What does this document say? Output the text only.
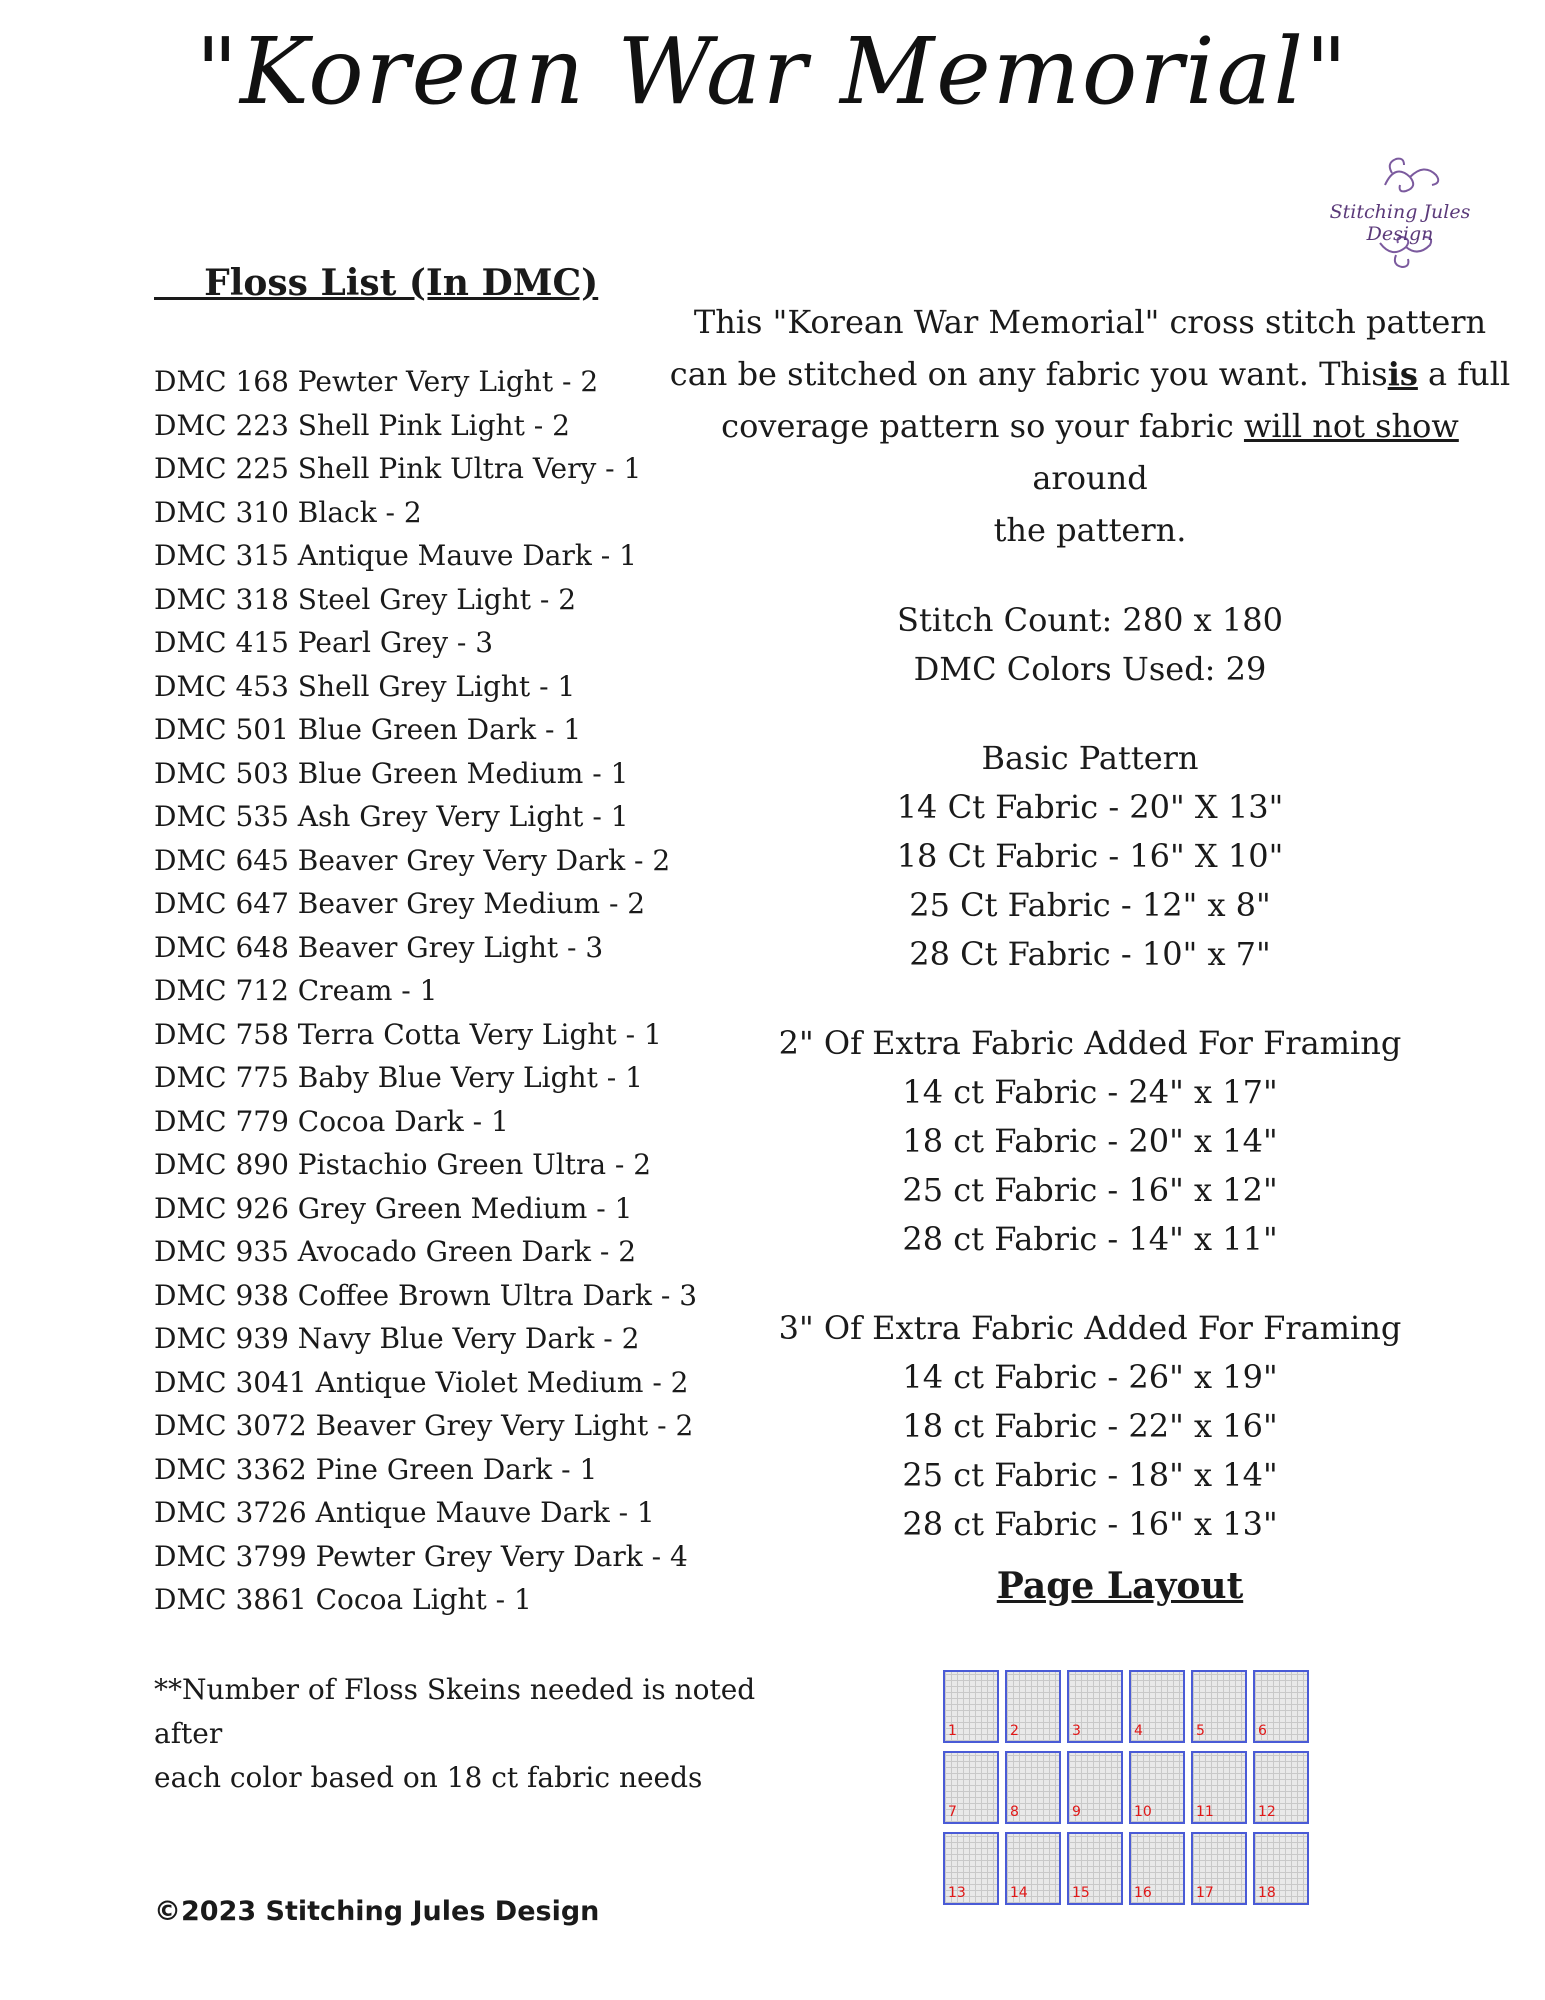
"Korean War Memorial"
Stitching Jules Design
Floss List (In DMC)
DMC 168 Pewter Very Light - 2
DMC 223 Shell Pink Light - 2
DMC 225 Shell Pink Ultra Very - 1
DMC 310 Black - 2
DMC 315 Antique Mauve Dark - 1
DMC 318 Steel Grey Light - 2
DMC 415 Pearl Grey - 3
DMC 453 Shell Grey Light - 1
DMC 501 Blue Green Dark - 1
DMC 503 Blue Green Medium - 1
DMC 535 Ash Grey Very Light - 1
DMC 645 Beaver Grey Very Dark - 2
DMC 647 Beaver Grey Medium - 2
DMC 648 Beaver Grey Light - 3
DMC 712 Cream - 1
DMC 758 Terra Cotta Very Light - 1
DMC 775 Baby Blue Very Light - 1
DMC 779 Cocoa Dark - 1
DMC 890 Pistachio Green Ultra - 2
DMC 926 Grey Green Medium - 1
DMC 935 Avocado Green Dark - 2
DMC 938 Coffee Brown Ultra Dark - 3
DMC 939 Navy Blue Very Dark - 2
DMC 3041 Antique Violet Medium - 2
DMC 3072 Beaver Grey Very Light - 2
DMC 3362 Pine Green Dark - 1
DMC 3726 Antique Mauve Dark - 1
DMC 3799 Pewter Grey Very Dark - 4
DMC 3861 Cocoa Light - 1
**Number of Floss Skeins needed is noted after
each color based on 18 ct fabric needs
©2023 Stitching Jules Design
This "Korean War Memorial" cross stitch pattern
can be stitched on any fabric you want. Thisis a full
coverage pattern so your fabric will not show around
the pattern.
Stitch Count: 280 x 180
DMC Colors Used: 29
Basic Pattern
14 Ct Fabric - 20" X 13"
18 Ct Fabric - 16" X 10"
25 Ct Fabric - 12" x 8"
28 Ct Fabric - 10" x 7"
2" Of Extra Fabric Added For Framing
14 ct Fabric - 24" x 17"
18 ct Fabric - 20" x 14"
25 ct Fabric - 16" x 12"
28 ct Fabric - 14" x 11"
3" Of Extra Fabric Added For Framing
14 ct Fabric - 26" x 19"
18 ct Fabric - 22" x 16"
25 ct Fabric - 18" x 14"
28 ct Fabric - 16" x 13"
Page Layout
1	2	3	4	5	6
7	8	9	10	11	12
13	14	15	16	17	18
